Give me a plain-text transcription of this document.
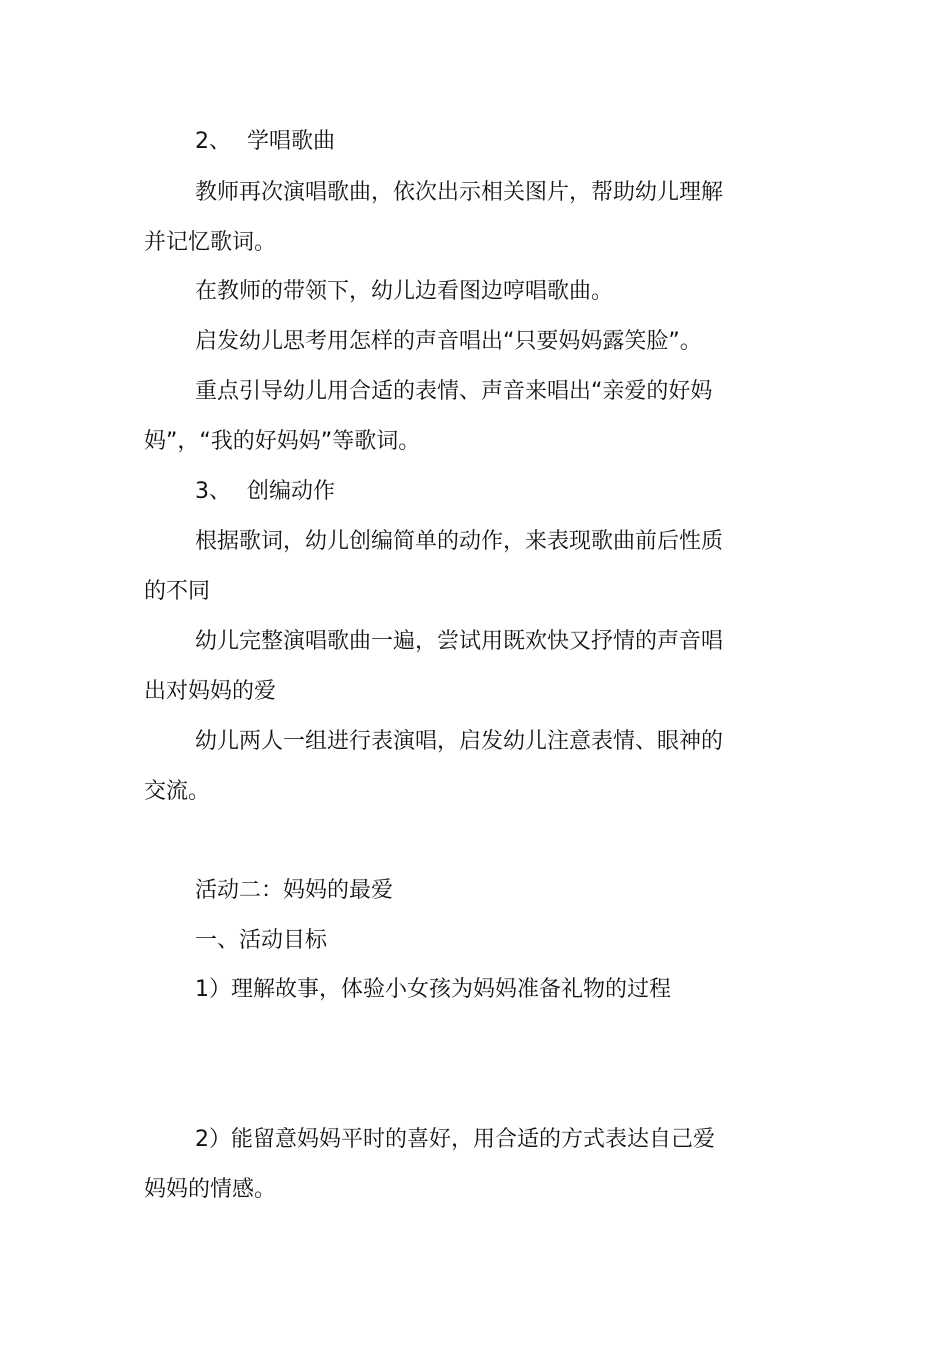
2、 学唱歌曲
教师再次演唱歌曲，依次出示相关图片，帮助幼儿理解
并记忆歌词。
在教师的带领下，幼儿边看图边哼唱歌曲。
启发幼儿思考用怎样的声音唱出“只要妈妈露笑脸”。
重点引导幼儿用合适的表情、声音来唱出“亲爱的好妈
妈”，“我的好妈妈”等歌词。
3、 创编动作
根据歌词，幼儿创编简单的动作，来表现歌曲前后性质
的不同
幼儿完整演唱歌曲一遍，尝试用既欢快又抒情的声音唱
出对妈妈的爱
幼儿两人一组进行表演唱，启发幼儿注意表情、眼神的
交流。
活动二：妈妈的最爱
一、活动目标
1）理解故事，体验小女孩为妈妈准备礼物的过程
2）能留意妈妈平时的喜好，用合适的方式表达自己爱
妈妈的情感。
